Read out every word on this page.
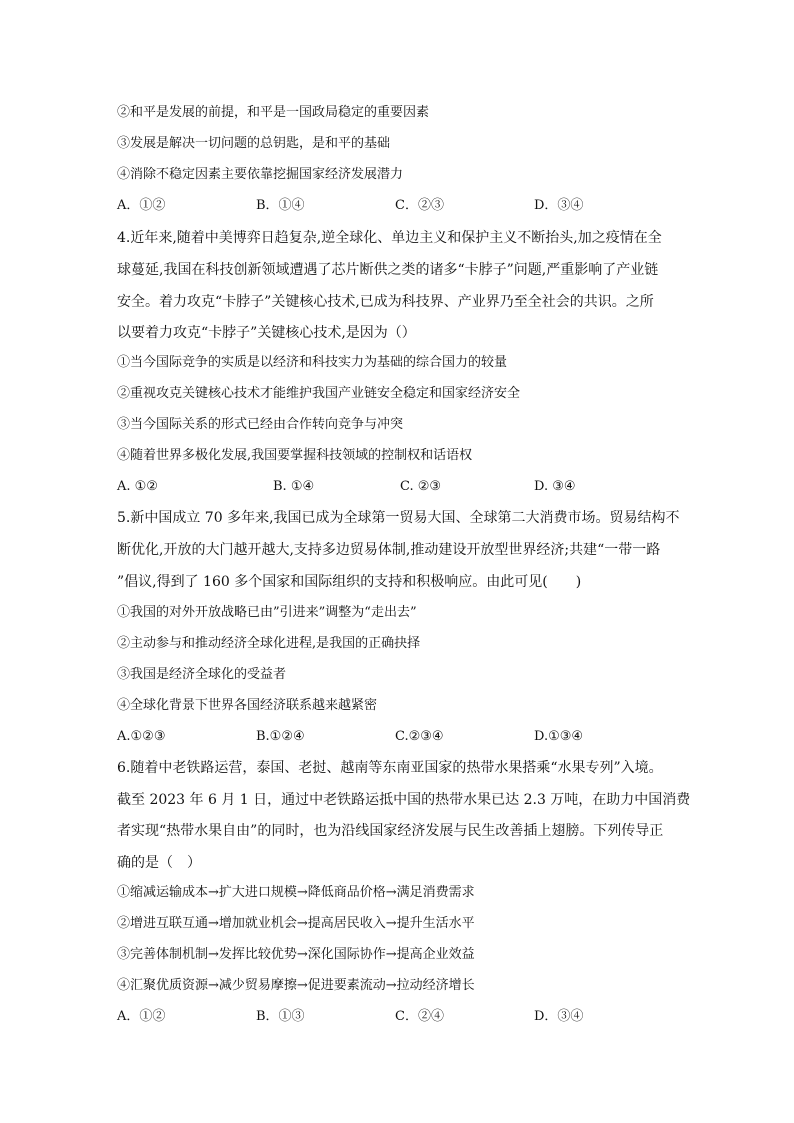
②和平是发展的前提，和平是一国政局稳定的重要因素
③发展是解决一切问题的总钥匙，是和平的基础
④消除不稳定因素主要依靠挖掘国家经济发展潜力
A．①②	B．①④	C．②③	D．③④
4.近年来,随着中美博弈日趋复杂,逆全球化、单边主义和保护主义不断抬头,加之疫情在全
球蔓延,我国在科技创新领域遭遇了芯片断供之类的诸多“卡脖子”问题,严重影响了产业链
安全。着力攻克“卡脖子”关键核心技术,已成为科技界、产业界乃至全社会的共识。之所
以要着力攻克“卡脖子”关键核心技术,是因为（）
①当今国际竞争的实质是以经济和科技实力为基础的综合国力的较量
②重视攻克关键核心技术才能维护我国产业链安全稳定和国家经济安全
③当今国际关系的形式已经由合作转向竞争与冲突
④随着世界多极化发展,我国要掌握科技领域的控制权和话语权
A. ①②	B. ①④	C. ②③	D. ③④
5.新中国成立 70 多年来,我国已成为全球第一贸易大国、全球第二大消费市场。贸易结构不
断优化,开放的大门越开越大,支持多边贸易体制,推动建设开放型世界经济;共建“一带一路
”倡议,得到了 160 多个国家和国际组织的支持和积极响应。由此可见(　　)
①我国的对外开放战略已由”引进来”调整为“走出去”
②主动参与和推动经济全球化进程,是我国的正确抉择
③我国是经济全球化的受益者
④全球化背景下世界各国经济联系越来越紧密
A.①②③	B.①②④	C.②③④	D.①③④
6.随着中老铁路运营，泰国、老挝、越南等东南亚国家的热带水果搭乘“水果专列”入境。
截至 2023 年 6 月 1 日，通过中老铁路运抵中国的热带水果已达 2.3 万吨，在助力中国消费
者实现“热带水果自由”的同时，也为沿线国家经济发展与民生改善插上翅膀。下列传导正
确的是（　）
①缩减运输成本→扩大进口规模→降低商品价格→满足消费需求
②增进互联互通→增加就业机会→提高居民收入→提升生活水平
③完善体制机制→发挥比较优势→深化国际协作→提高企业效益
④汇聚优质资源→减少贸易摩擦→促进要素流动→拉动经济增长
A．①②	B．①③	C．②④	D．③④
